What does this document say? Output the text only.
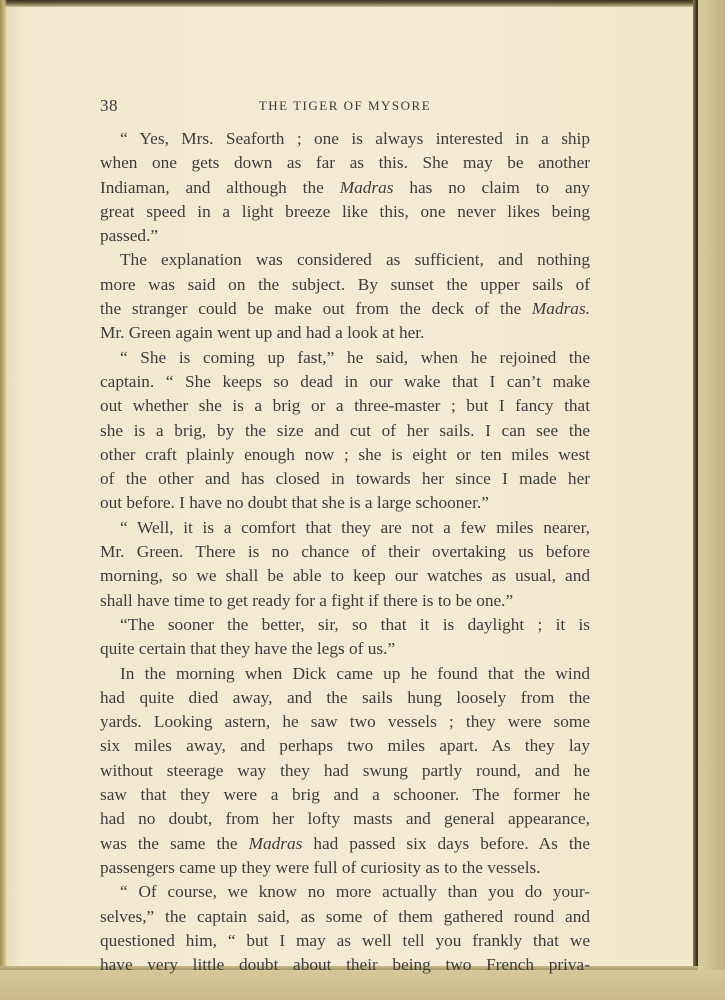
38	THE TIGER OF MYSORE
“ Yes, Mrs. Seaforth ; one is always interested in a ship
when one gets down as far as this. She may be another
Indiaman, and although the Madras has no claim to any
great speed in a light breeze like this, one never likes being
passed.”
The explanation was considered as sufficient, and nothing
more was said on the subject. By sunset the upper sails of
the stranger could be make out from the deck of the Madras.
Mr. Green again went up and had a look at her.
“ She is coming up fast,” he said, when he rejoined the
captain. “ She keeps so dead in our wake that I can’t make
out whether she is a brig or a three-master ; but I fancy that
she is a brig, by the size and cut of her sails. I can see the
other craft plainly enough now ; she is eight or ten miles west
of the other and has closed in towards her since I made her
out before. I have no doubt that she is a large schooner.”
“ Well, it is a comfort that they are not a few miles nearer,
Mr. Green. There is no chance of their overtaking us before
morning, so we shall be able to keep our watches as usual, and
shall have time to get ready for a fight if there is to be one.”
“The sooner the better, sir, so that it is daylight ; it is
quite certain that they have the legs of us.”
In the morning when Dick came up he found that the wind
had quite died away, and the sails hung loosely from the
yards. Looking astern, he saw two vessels ; they were some
six miles away, and perhaps two miles apart. As they lay
without steerage way they had swung partly round, and he
saw that they were a brig and a schooner. The former he
had no doubt, from her lofty masts and general appearance,
was the same the Madras had passed six days before. As the
passengers came up they were full of curiosity as to the vessels.
“ Of course, we know no more actually than you do your-
selves,” the captain said, as some of them gathered round and
questioned him, “ but I may as well tell you frankly that we
have very little doubt about their being two French priva-
